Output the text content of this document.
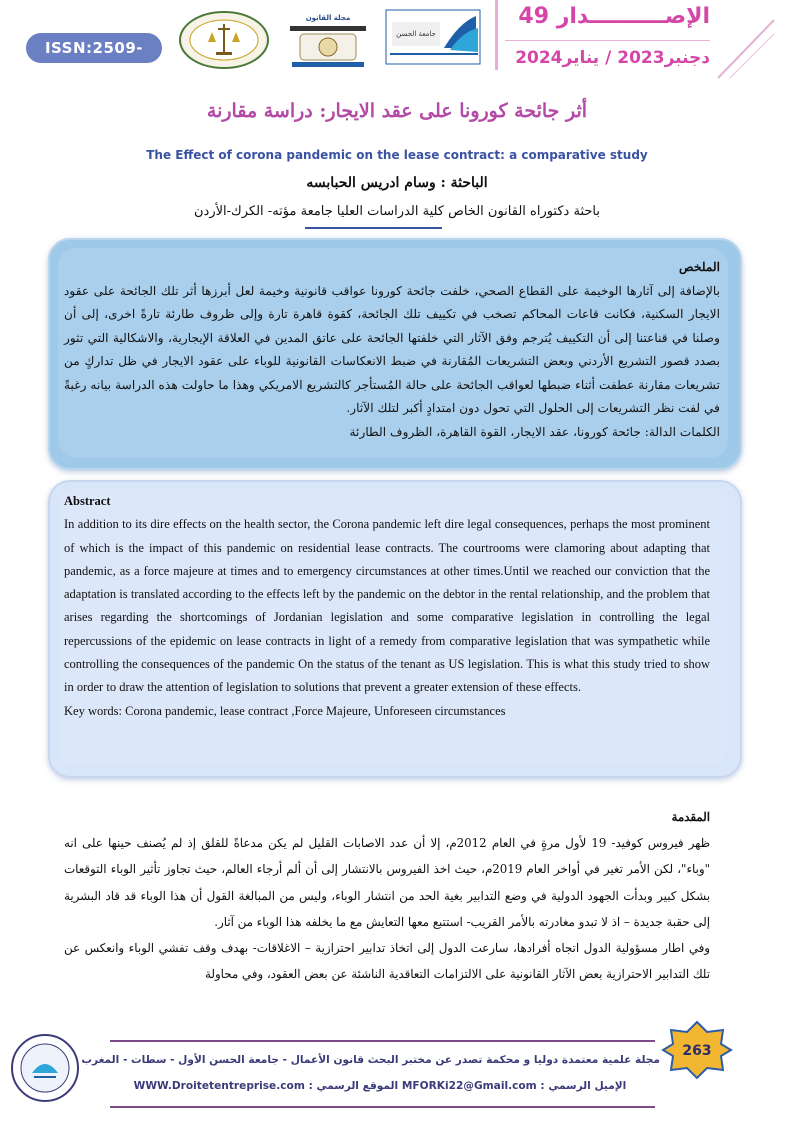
ISSN:2509-0291
مجلة القانون
جامعة الحسن
الإصــــــــــدار 49
دجنبر2023 / يناير2024
أثر جائحة كورونا على عقد الايجار: دراسة مقارنة
The Effect of corona pandemic on the lease contract: a comparative study
الباحثة : وسام ادريس الحبابسه
باحثة دكتوراه القانون الخاص كلية الدراسات العليا جامعة مؤته- الكرك-الأردن
الملخص
بالإضافة إلى آثارها الوخيمة على القطاع الصحي، خلفت جائحة كورونا عواقب قانونية وخيمة لعل أبرزها أثر تلك الجائحة على عقود الايجار السكنية، فكانت قاعات المحاكم تصخب في تكييف تلك الجائحة، كقوة قاهرة تارة وإلى ظروف طارئة تارةً اخرى، إلى أن وصلنا في قناعتنا إلى أن التكييف يُترجم وفق الآثار التي خلفتها الجائحة على عاتق المدين في العلاقة الإيجارية، والاشكالية التي تثور بصدد قصور التشريع الأردني وبعض التشريعات المُقارنة في ضبط الانعكاسات القانونية للوباء على عقود الايجار في ظل تداركٍ من تشريعات مقارنة عطفت أثناء ضبطها لعواقب الجائحة على حالة المُستأجر كالتشريع الامريكي وهذا ما حاولت هذه الدراسة بيانه رغبةً في لفت نظر التشريعات إلى الحلول التي تحول دون امتدادٍ أكبر لتلك الآثار.
الكلمات الدالة: جائحة كورونا، عقد الايجار، القوة القاهرة، الظروف الطارئة
Abstract
In addition to its dire effects on the health sector, the Corona pandemic left dire legal consequences, perhaps the most prominent of which is the impact of this pandemic on residential lease contracts. The courtrooms were clamoring about adapting that pandemic, as a force majeure at times and to emergency circumstances at other times.Until we reached our conviction that the adaptation is translated according to the effects left by the pandemic on the debtor in the rental relationship, and the problem that arises regarding the shortcomings of Jordanian legislation and some comparative legislation in controlling the legal repercussions of the epidemic on lease contracts in light of a remedy from comparative legislation that was sympathetic while controlling the consequences of the pandemic On the status of the tenant as US legislation. This is what this study tried to show in order to draw the attention of legislation to solutions that prevent a greater extension of these effects.
Key words: Corona pandemic, lease contract ,Force Majeure, Unforeseen circumstances
المقدمة
ظهر فيروس كوفيد- 19 لأول مرةٍ في العام 2012م، إلا أن عدد الاصابات القليل لم يكن مدعاةً للقلق إذ لم يُصنف حينها على انه "وباء"، لكن الأمر تغير في أواخر العام 2019م، حيث اخذ الفيروس بالانتشار إلى أن ألم أرجاء العالم، حيث تجاوز تأثير الوباء التوقعات بشكل كبير وبدأت الجهود الدولية في وضع التدابير بغية الحد من انتشار الوباء، وليس من المبالغة القول أن هذا الوباء قد قاد البشرية إلى حقبة جديدة – اذ لا تبدو مغادرته بالأمر القريب- استتبع معها التعايش مع ما يخلفه هذا الوباء من آثار.
وفي اطار مسؤولية الدول اتجاه أفرادها، سارعت الدول إلى اتخاذ تدابير احترازية – الاغلاقات- بهدف وقف تفشي الوباء وانعكس عن تلك التدابير الاحترازية بعض الآثار القانونية على الالتزامات التعاقدية الناشئة عن بعض العقود، وفي محاولة
مجلة علمية معتمدة دوليا و محكمة تصدر عن مختبر البحث قانون الأعمال - جامعة الحسن الأول - سطات - المغرب
الإميل الرسمي : MFORKi22@Gmail.com الموقع الرسمي : WWW.Droitetentreprise.com
263
